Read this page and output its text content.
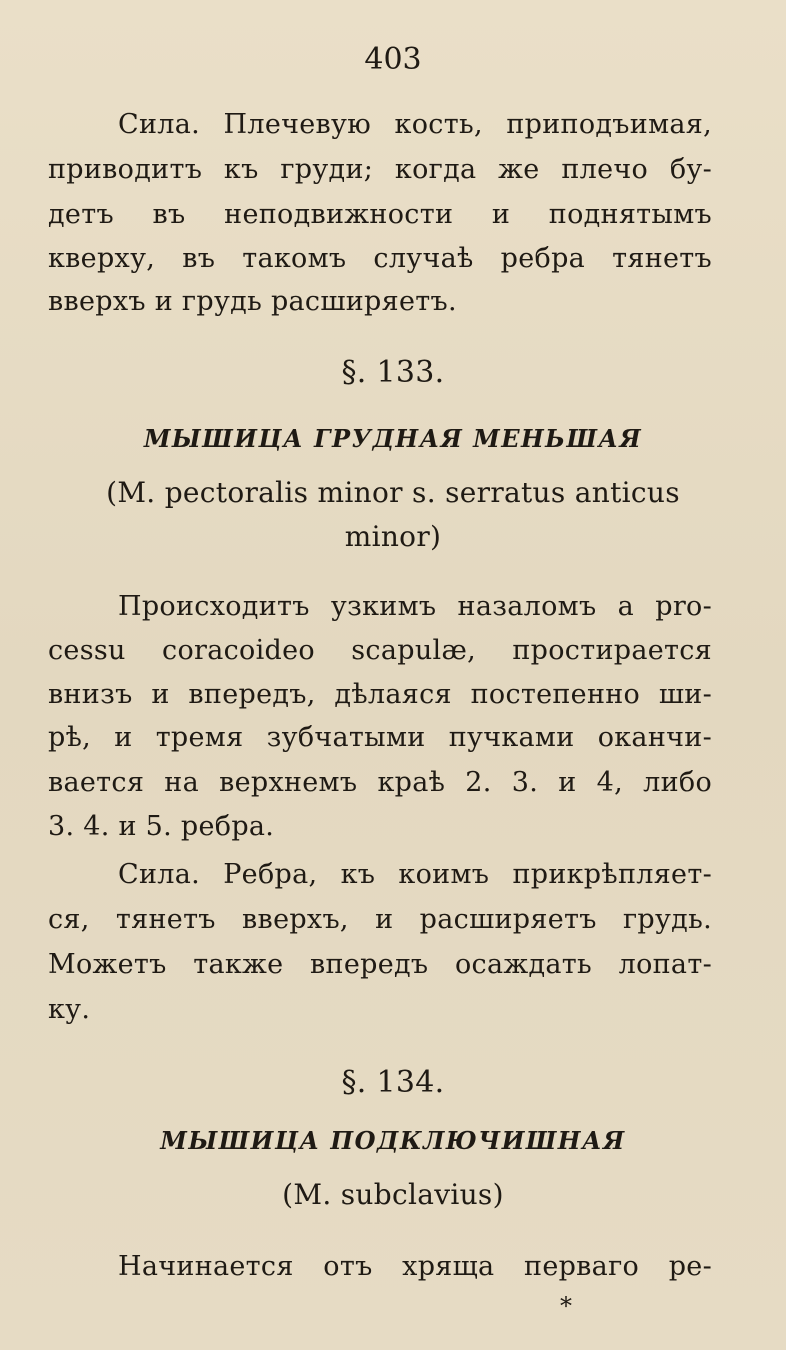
403
Сила. Плечевую кость, приподъимая,
приводитъ къ груди; когда же плечо бу-
детъ въ неподвижности и поднятымъ
кверху, въ такомъ случаѣ ребра тянетъ
вверхъ и грудь расширяетъ.
§. 133.
МЫШИЦА ГРУДНАЯ МЕНЬШАЯ
(M. pectoralis minor s. serratus anticus
minor)
Происходитъ узкимъ назаломъ a pro-
cessu coracoideo scapulæ, простирается
внизъ и впередъ, дѣлаяся постепенно ши-
рѣ, и тремя зубчатыми пучками оканчи-
вается на верхнемъ краѣ 2. 3. и 4, либо
3. 4. и 5. ребра.
Сила. Ребра, къ коимъ прикрѣпляет-
ся, тянетъ вверхъ, и расширяетъ грудь.
Можетъ также впередъ осаждать лопат-
ку.
§. 134.
МЫШИЦА ПОДКЛЮЧИШНАЯ
(M. subclavius)
Начинается отъ хряща перваго ре-
*
